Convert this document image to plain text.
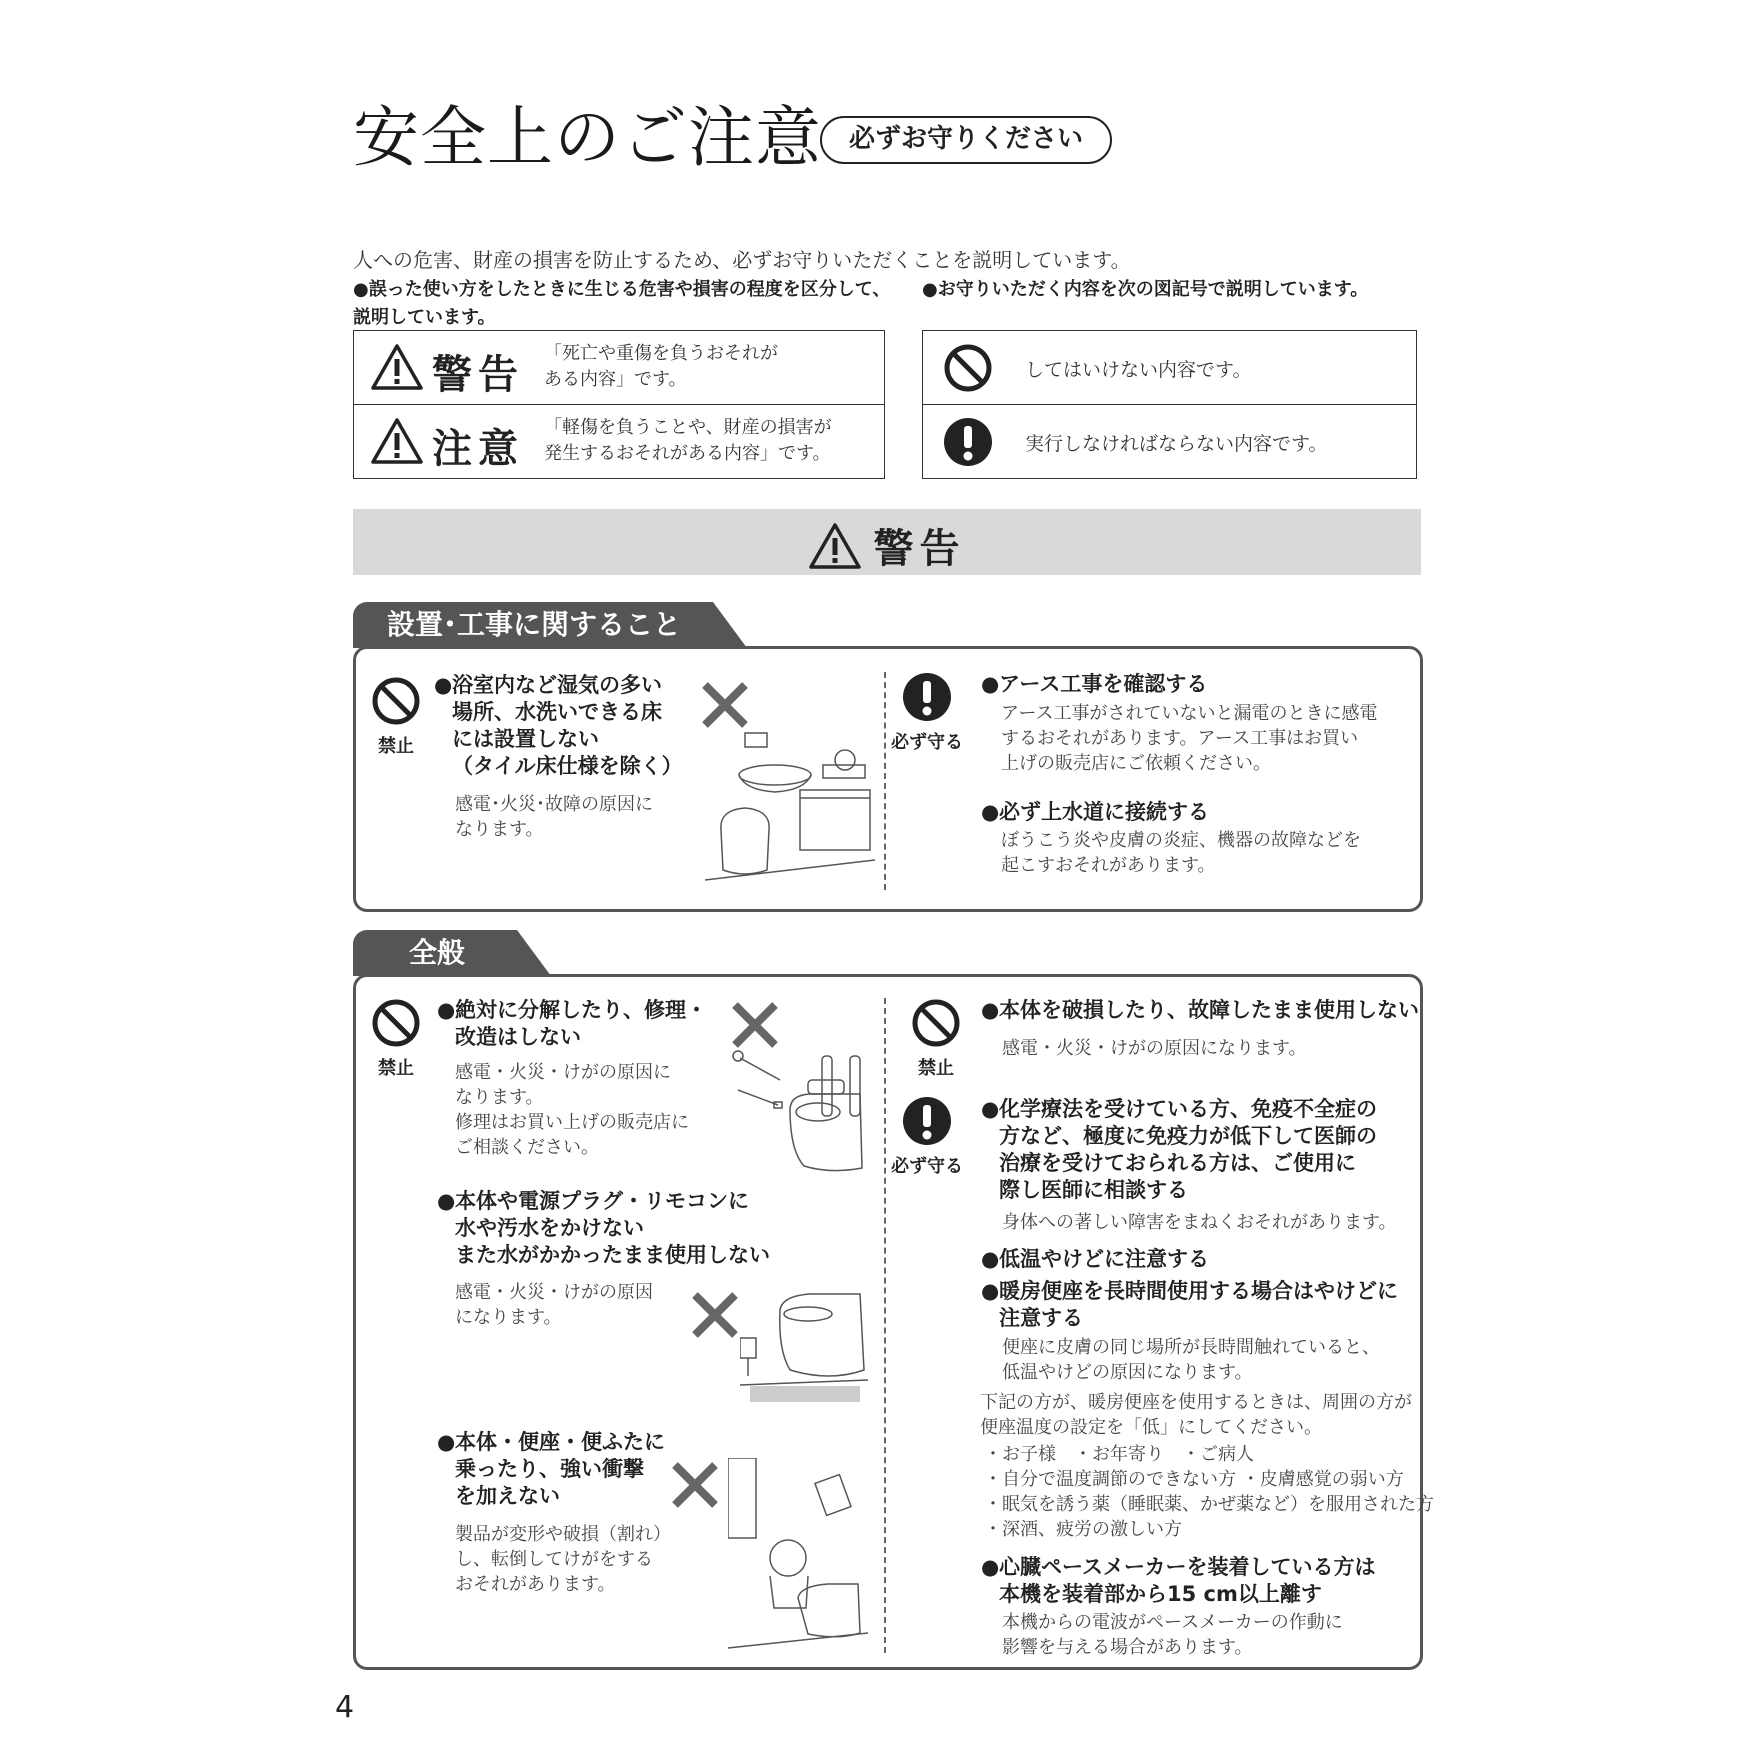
安全上のご注意	必ずお守りください
人への危害、財産の損害を防止するため、必ずお守りいただくことを説明しています。
●誤った使い方をしたときに生じる危害や損害の程度を区分して、説明しています。
●お守りいただく内容を次の図記号で説明しています。
警告 「死亡や重傷を負うおそれが
ある内容」です。
注意 「軽傷を負うことや、財産の損害が
発生するおそれがある内容」です。
してはいけない内容です。
実行しなければならない内容です。
警告
設置･工事に関すること
禁止
● 浴室内など湿気の多い
場所、水洗いできる床
には設置しない
（タイル床仕様を除く）
感電･火災･故障の原因に
なります。
必ず守る
● アース工事を確認する
アース工事がされていないと漏電のときに感電
するおそれがあります。アース工事はお買い
上げの販売店にご依頼ください。
● 必ず上水道に接続する
ぼうこう炎や皮膚の炎症、機器の故障などを
起こすおそれがあります。
全般
禁止
● 絶対に分解したり、修理・
改造はしない
感電・火災・けがの原因に
なります。
修理はお買い上げの販売店に
ご相談ください。
● 本体や電源プラグ・リモコンに
水や汚水をかけない
また水がかかったまま使用しない
感電・火災・けがの原因
になります。
● 本体・便座・便ふたに
乗ったり、強い衝撃
を加えない
製品が変形や破損（割れ）
し、転倒してけがをする
おそれがあります。
禁止
● 本体を破損したり、故障したまま使用しない
感電・火災・けがの原因になります。
必ず守る
● 化学療法を受けている方、免疫不全症の
方など、極度に免疫力が低下して医師の
治療を受けておられる方は、ご使用に
際し医師に相談する
身体への著しい障害をまねくおそれがあります。
● 低温やけどに注意する
● 暖房便座を長時間使用する場合はやけどに
注意する
便座に皮膚の同じ場所が長時間触れていると、
低温やけどの原因になります。
下記の方が、暖房便座を使用するときは、周囲の方が
便座温度の設定を「低」にしてください。
・お子様　・お年寄り　・ご病人
・自分で温度調節のできない方 ・皮膚感覚の弱い方
・眠気を誘う薬（睡眠薬、かぜ薬など）を服用された方
・深酒、疲労の激しい方
● 心臓ペースメーカーを装着している方は
本機を装着部から15 cm以上離す
本機からの電波がペースメーカーの作動に
影響を与える場合があります。
4
